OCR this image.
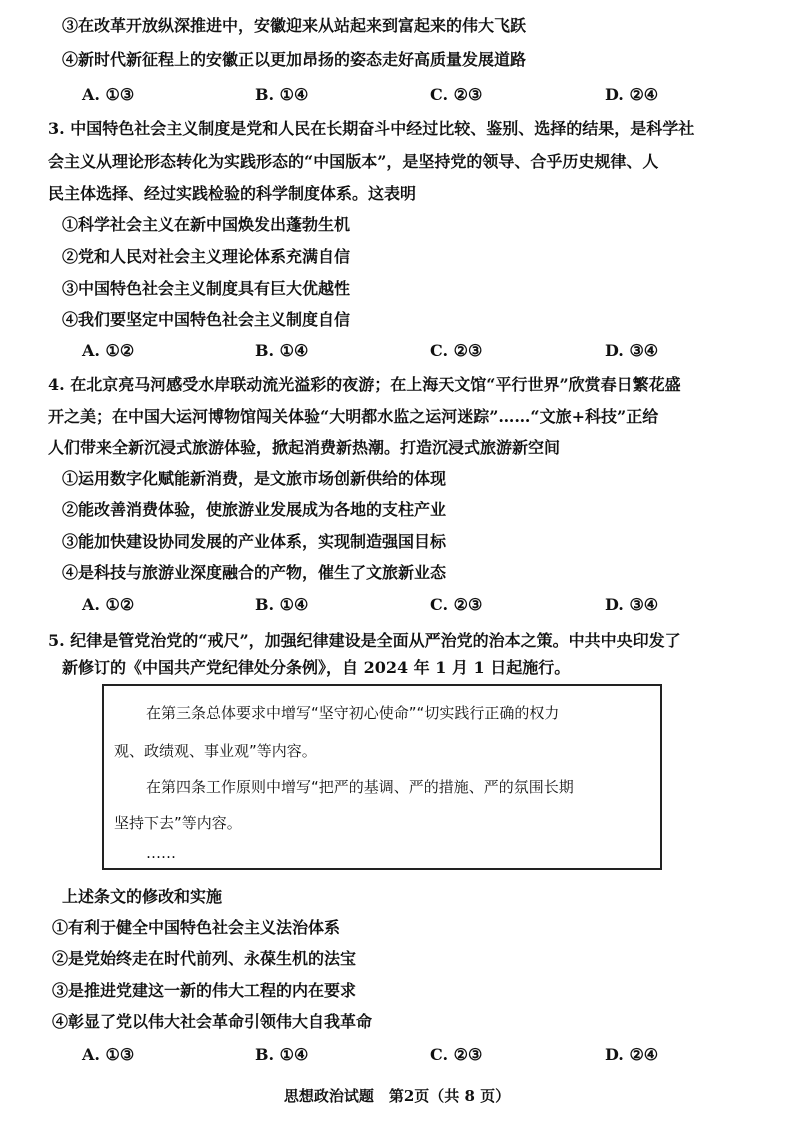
③在改革开放纵深推进中，安徽迎来从站起来到富起来的伟大飞跃
④新时代新征程上的安徽正以更加昂扬的姿态走好高质量发展道路
A. ①③	B. ①④	C. ②③	D. ②④
3. 中国特色社会主义制度是党和人民在长期奋斗中经过比较、鉴别、选择的结果，是科学社
会主义从理论形态转化为实践形态的“中国版本”，是坚持党的领导、合乎历史规律、人
民主体选择、经过实践检验的科学制度体系。这表明
①科学社会主义在新中国焕发出蓬勃生机
②党和人民对社会主义理论体系充满自信
③中国特色社会主义制度具有巨大优越性
④我们要坚定中国特色社会主义制度自信
A. ①②	B. ①④	C. ②③	D. ③④
4. 在北京亮马河感受水岸联动流光溢彩的夜游；在上海天文馆“平行世界”欣赏春日繁花盛
开之美；在中国大运河博物馆闯关体验“大明都水监之运河迷踪”……“文旅+科技”正给
人们带来全新沉浸式旅游体验，掀起消费新热潮。打造沉浸式旅游新空间
①运用数字化赋能新消费，是文旅市场创新供给的体现
②能改善消费体验，使旅游业发展成为各地的支柱产业
③能加快建设协同发展的产业体系，实现制造强国目标
④是科技与旅游业深度融合的产物，催生了文旅新业态
A. ①②	B. ①④	C. ②③	D. ③④
5. 纪律是管党治党的“戒尺”，加强纪律建设是全面从严治党的治本之策。中共中央印发了
新修订的《中国共产党纪律处分条例》，自 2024 年 1 月 1 日起施行。
在第三条总体要求中增写“坚守初心使命”“切实践行正确的权力
观、政绩观、事业观”等内容。
在第四条工作原则中增写“把严的基调、严的措施、严的氛围长期
坚持下去”等内容。
……
上述条文的修改和实施
①有利于健全中国特色社会主义法治体系
②是党始终走在时代前列、永葆生机的法宝
③是推进党建这一新的伟大工程的内在要求
④彰显了党以伟大社会革命引领伟大自我革命
A. ①③	B. ①④	C. ②③	D. ②④
思想政治试题　第2页（共 8 页）
